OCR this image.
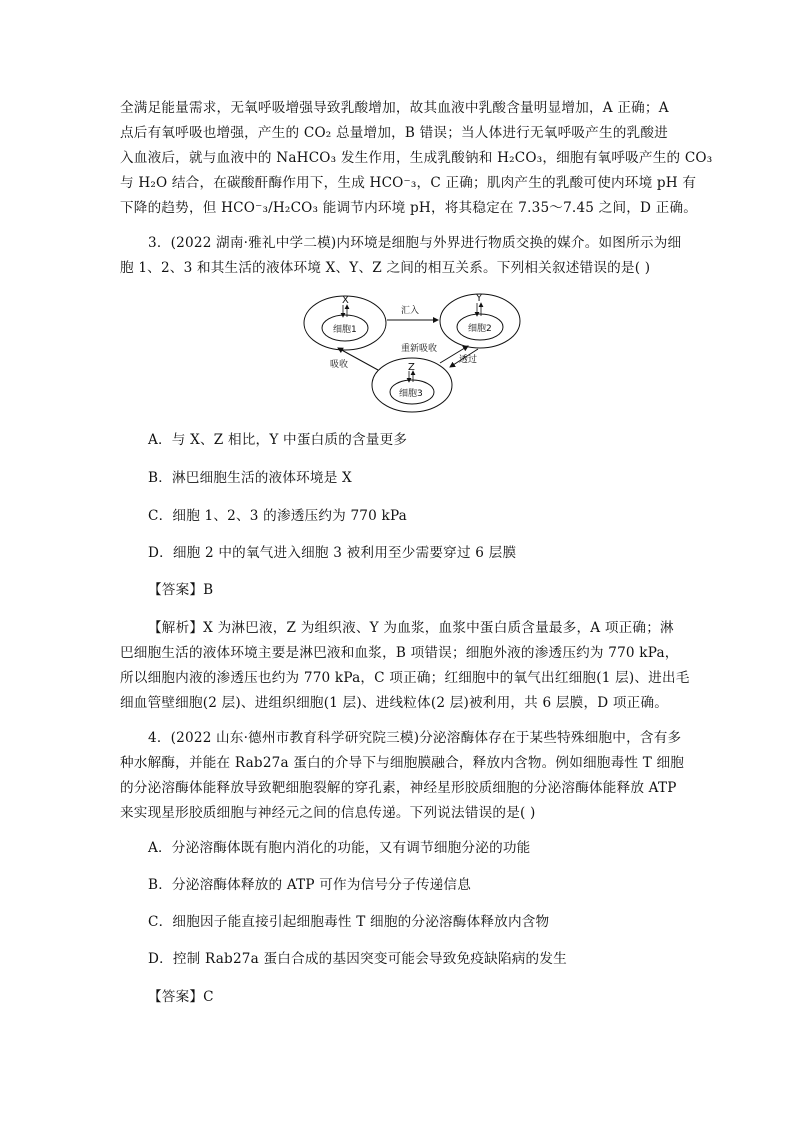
全满足能量需求，无氧呼吸增强导致乳酸增加，故其血液中乳酸含量明显增加，A 正确；A
点后有氧呼吸也增强，产生的 CO₂ 总量增加，B 错误；当人体进行无氧呼吸产生的乳酸进
入血液后，就与血液中的 NaHCO₃ 发生作用，生成乳酸钠和 H₂CO₃，细胞有氧呼吸产生的 CO₃
与 H₂O 结合，在碳酸酐酶作用下，生成 HCO⁻₃，C 正确；肌肉产生的乳酸可使内环境 pH 有
下降的趋势，但 HCO⁻₃/H₂CO₃ 能调节内环境 pH，将其稳定在 7.35～7.45 之间，D 正确。
3．(2022 湖南·雅礼中学二模)内环境是细胞与外界进行物质交换的媒介。如图所示为细
胞 1、2、3 和其生活的液体环境 X、Y、Z 之间的相互关系。下列相关叙述错误的是( )
X
细胞1
Y
细胞2
Z
细胞3
汇入
吸收
重新吸收
透过
A．与 X、Z 相比，Y 中蛋白质的含量更多
B．淋巴细胞生活的液体环境是 X
C．细胞 1、2、3 的渗透压约为 770 kPa
D．细胞 2 中的氧气进入细胞 3 被利用至少需要穿过 6 层膜
【答案】B
【解析】X 为淋巴液，Z 为组织液、Y 为血浆，血浆中蛋白质含量最多，A 项正确；淋
巴细胞生活的液体环境主要是淋巴液和血浆，B 项错误；细胞外液的渗透压约为 770 kPa，
所以细胞内液的渗透压也约为 770 kPa，C 项正确；红细胞中的氧气出红细胞(1 层)、进出毛
细血管壁细胞(2 层)、进组织细胞(1 层)、进线粒体(2 层)被利用，共 6 层膜，D 项正确。
4．(2022 山东·德州市教育科学研究院三模)分泌溶酶体存在于某些特殊细胞中，含有多
种水解酶，并能在 Rab27a 蛋白的介导下与细胞膜融合，释放内含物。例如细胞毒性 T 细胞
的分泌溶酶体能释放导致靶细胞裂解的穿孔素，神经星形胶质细胞的分泌溶酶体能释放 ATP
来实现星形胶质细胞与神经元之间的信息传递。下列说法错误的是( )
A．分泌溶酶体既有胞内消化的功能，又有调节细胞分泌的功能
B．分泌溶酶体释放的 ATP 可作为信号分子传递信息
C．细胞因子能直接引起细胞毒性 T 细胞的分泌溶酶体释放内含物
D．控制 Rab27a 蛋白合成的基因突变可能会导致免疫缺陷病的发生
【答案】C
